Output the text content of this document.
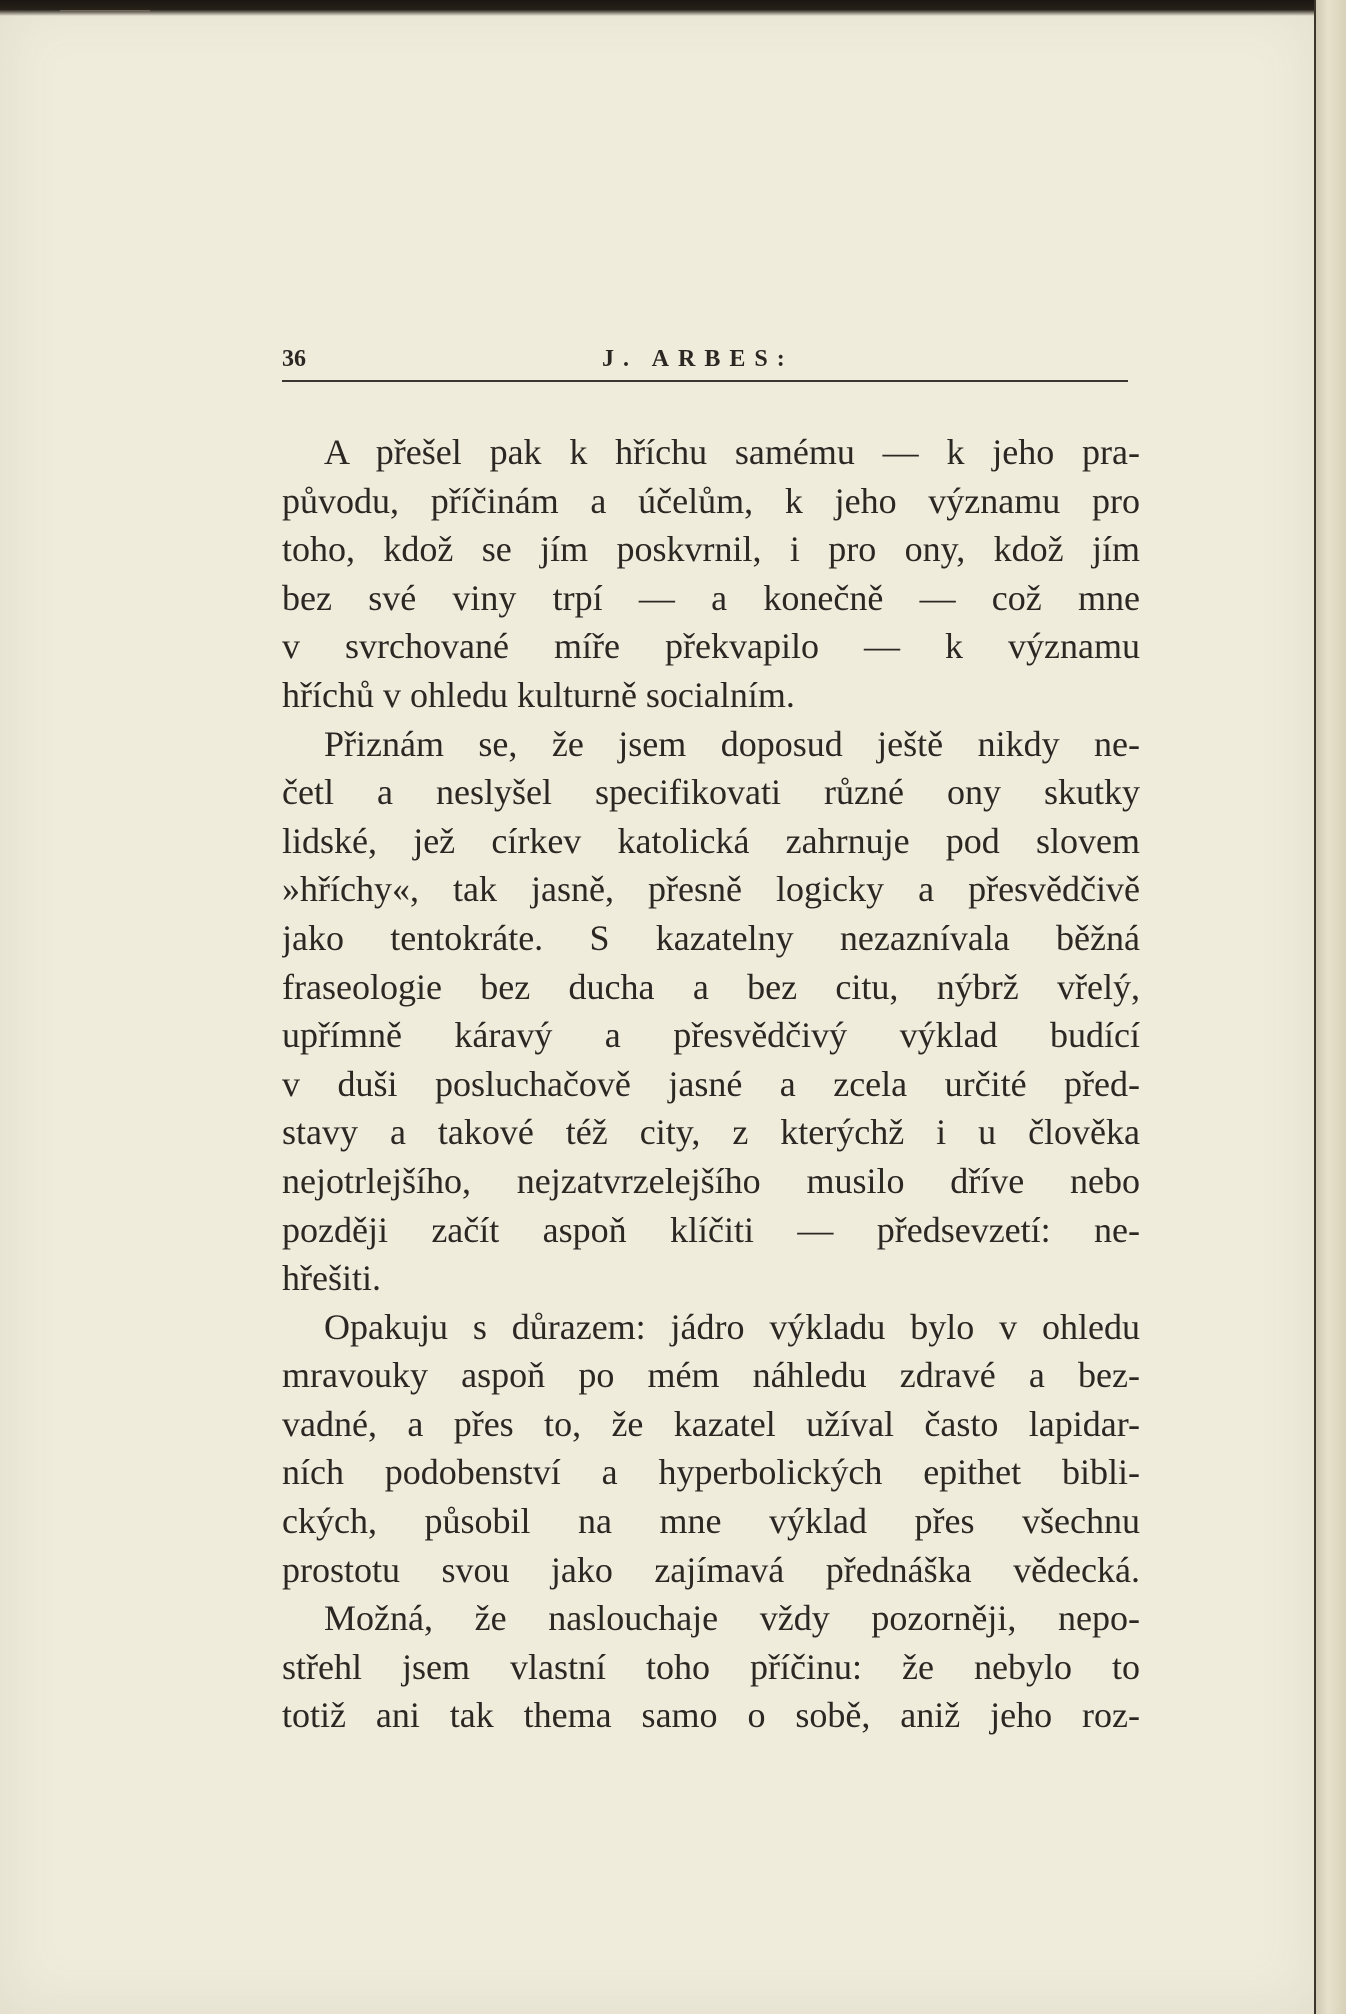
36	J. ARBES:

A přešel pak k hříchu samému — k jeho pra-
původu, příčinám a účelům, k jeho významu pro
toho, kdož se jím poskvrnil, i pro ony, kdož jím
bez své viny trpí — a konečně — což mne
v svrchované míře překvapilo — k významu
hříchů v ohledu kulturně socialním.

Přiznám se, že jsem doposud ještě nikdy ne-
četl a neslyšel specifikovati různé ony skutky
lidské, jež církev katolická zahrnuje pod slovem
»hříchy«, tak jasně, přesně logicky a přesvědčivě
jako tentokráte. S kazatelny nezaznívala běžná
fraseologie bez ducha a bez citu, nýbrž vřelý,
upřímně káravý a přesvědčivý výklad budící
v duši posluchačově jasné a zcela určité před-
stavy a takové též city, z kterýchž i u člověka
nejotrlejšího, nejzatvrzelejšího musilo dříve nebo
později začít aspoň klíčiti — předsevzetí: ne-
hřešiti.

Opakuju s důrazem: jádro výkladu bylo v ohledu
mravouky aspoň po mém náhledu zdravé a bez-
vadné, a přes to, že kazatel užíval často lapidar-
ních podobenství a hyperbolických epithet bibli-
ckých, působil na mne výklad přes všechnu
prostotu svou jako zajímavá přednáška vědecká.

Možná, že naslouchaje vždy pozorněji, nepo-
střehl jsem vlastní toho příčinu: že nebylo to
totiž ani tak thema samo o sobě, aniž jeho roz-
